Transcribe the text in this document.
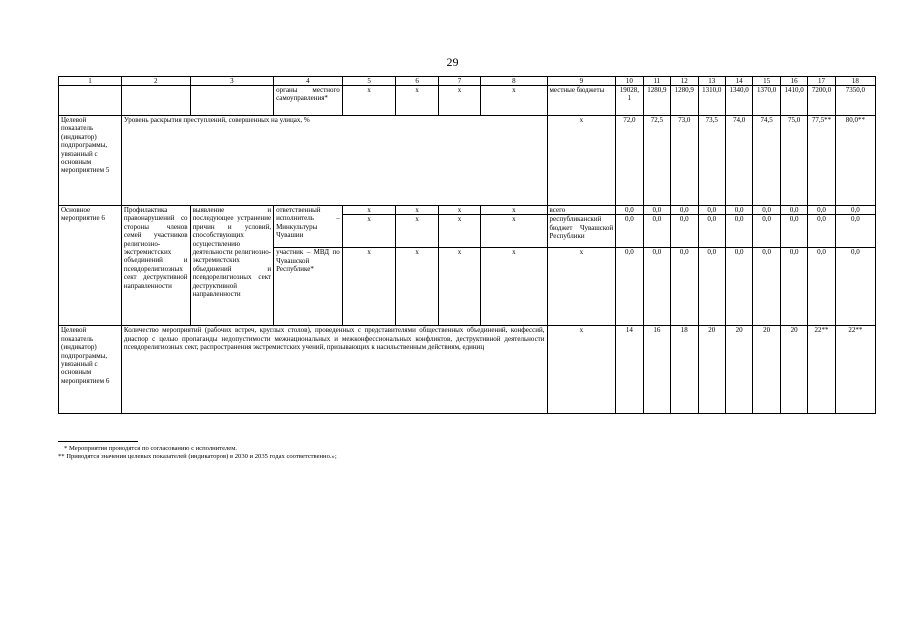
29
1	2	3	4	5	6	7	8	9	10	11	12	13	14	15	16	17	18
			органы местного самоуправления*	x	x	x	x	местные бюджеты	19028,1	1280,9	1280,9	1310,0	1340,0	1370,0	1410,0	7200,0	7350,0
Целевой показатель (индикатор) подпрограммы, увязанный с основным мероприятием 5	Уровень раскрытия преступлений, совершенных на улицах, %							x	72,0	72,5	73,0	73,5	74,0	74,5	75,0	77,5**	80,0**
Основное мероприятие 6	Профилактика правонарушений со стороны членов семей участников религиозно-экстремистских объединений и псевдорелигиозных сект деструктивной направленности	выявление и последующее устранение причин и условий, способствующих осуществлению деятельности религиозно-экстремистских объединений и псевдорелигиозных сект деструктивной направленности	ответственный исполнитель – Минкультуры Чувашии	x	x	x	x	всего	0,0	0,0	0,0	0,0	0,0	0,0	0,0	0,0	0,0
				x	x	x	x	республиканский бюджет Чувашской Республики	0,0	0,0	0,0	0,0	0,0	0,0	0,0	0,0	0,0
			участник – МВД по Чувашской Республике*	x	x	x	x	x	0,0	0,0	0,0	0,0	0,0	0,0	0,0	0,0	0,0
Целевой показатель (индикатор) подпрограммы, увязанный с основным мероприятием 6	Количество мероприятий (рабочих встреч, круглых столов), проведенных с представителями общественных объединений, конфессий, диаспор с целью пропаганды недопустимости межнациональных и межконфессиональных конфликтов, деструктивной деятельности псевдорелигиозных сект, распространения экстремистских учений, призывающих к насильственным действиям, единиц							x	14	16	18	20	20	20	20	22**	22**
* Мероприятия проводятся по согласованию с исполнителем.
** Приводятся значения целевых показателей (индикаторов) в 2030 и 2035 годах соответственно.»;
